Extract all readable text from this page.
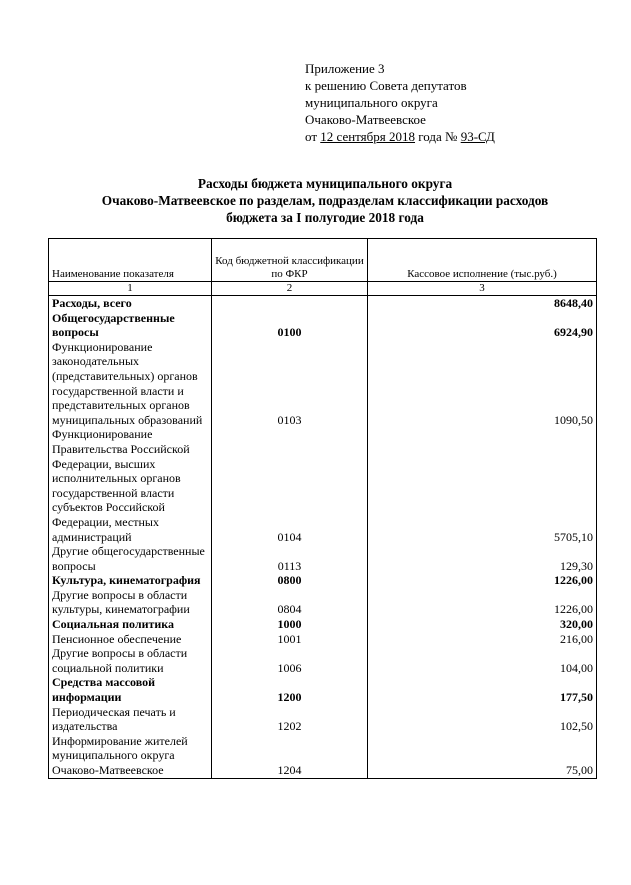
Приложение 3
к решению Совета депутатов
муниципального округа
Очаково-Матвеевское
от 12 сентября 2018 года № 93-СД
Расходы бюджета муниципального округа
Очаково-Матвеевское по разделам, подразделам классификации расходов
бюджета за I полугодие 2018 года
Наименование показателя	Код бюджетной классификации по ФКР	Кассовое исполнение (тыс.руб.)
1	2	3
Расходы, всего		8648,40
Общегосударственные вопросы	0100	6924,90
Функционирование законодательных (представительных) органов государственной власти и представительных органов муниципальных образований	0103	1090,50
Функционирование Правительства Российской Федерации, высших исполнительных органов государственной власти субъектов Российской Федерации, местных администраций	0104	5705,10
Другие общегосударственные вопросы	0113	129,30
Культура, кинематография	0800	1226,00
Другие вопросы в области культуры, кинематографии	0804	1226,00
Социальная политика	1000	320,00
Пенсионное обеспечение	1001	216,00
Другие вопросы в области социальной политики	1006	104,00
Средства массовой информации	1200	177,50
Периодическая печать и издательства	1202	102,50
Информирование жителей муниципального округа Очаково-Матвеевское	1204	75,00
